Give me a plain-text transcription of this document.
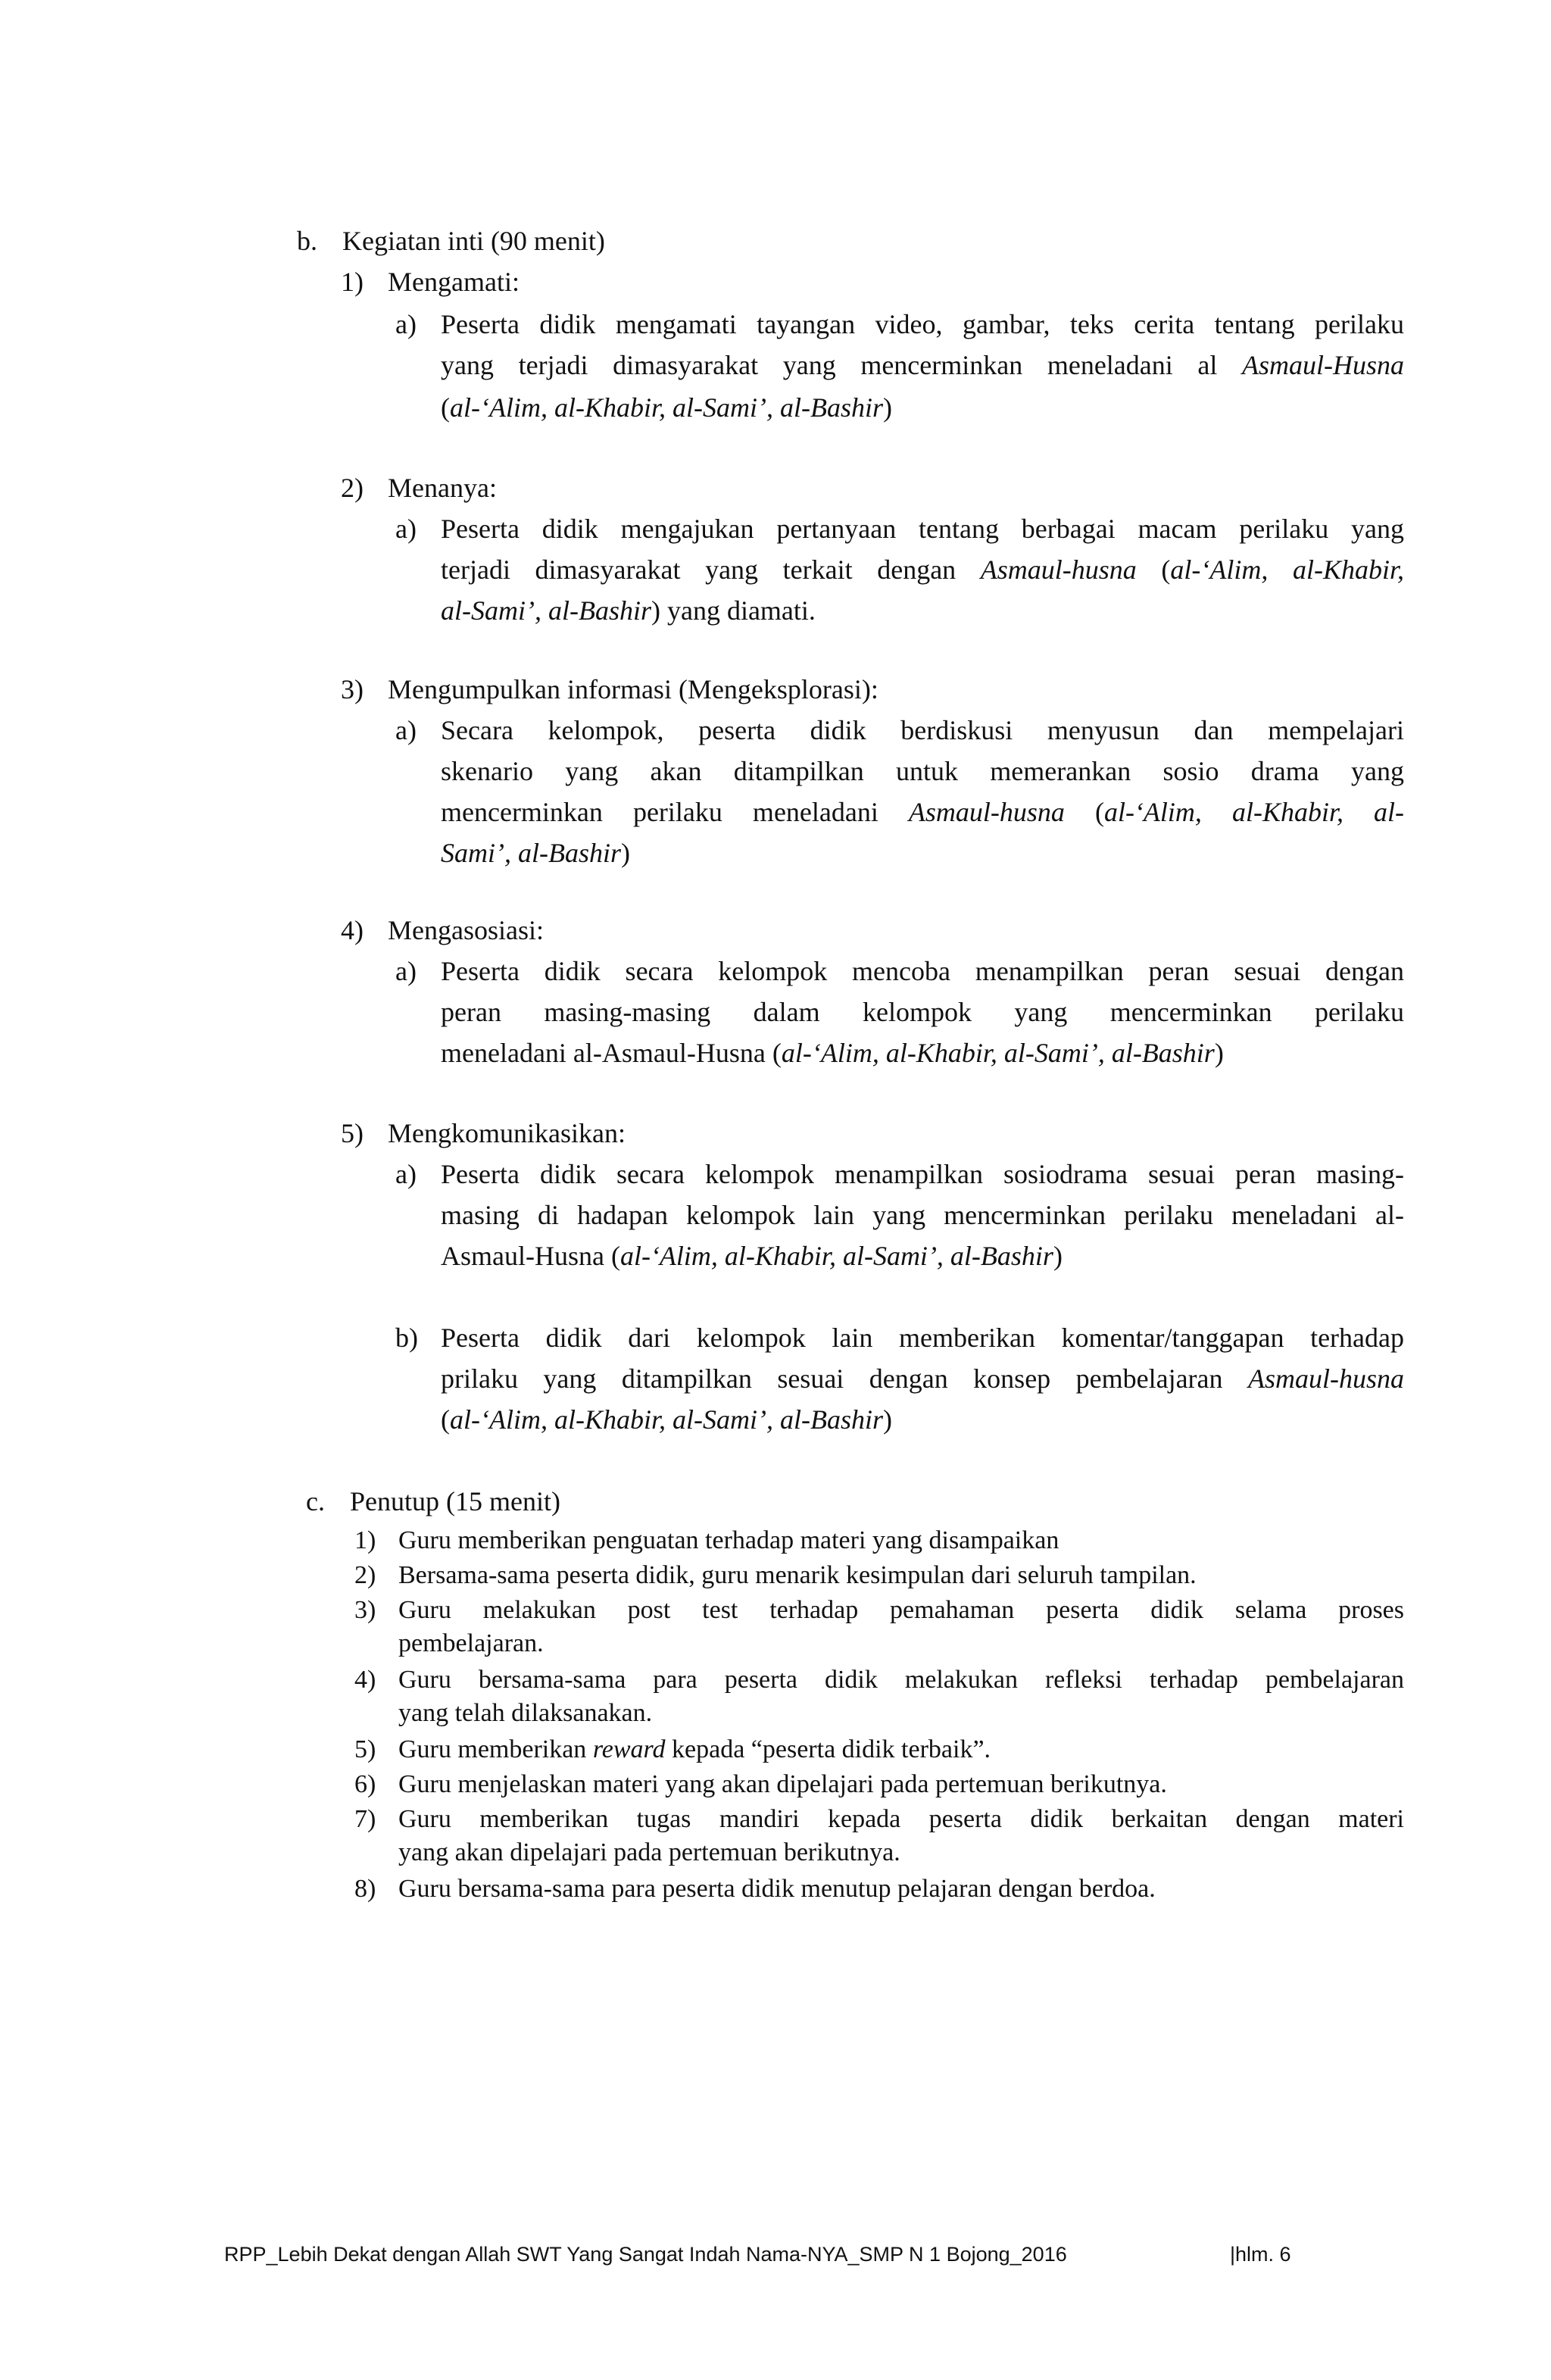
b. Kegiatan inti (90 menit)
1) Mengamati:
a) Peserta didik mengamati tayangan video, gambar, teks cerita tentang perilaku
yang terjadi dimasyarakat yang mencerminkan meneladani al Asmaul-Husna
(al-‘Alim, al-Khabir, al-Sami’, al-Bashir)
2) Menanya:
a) Peserta didik mengajukan pertanyaan tentang berbagai macam perilaku yang
terjadi dimasyarakat yang terkait dengan Asmaul-husna (al-‘Alim, al-Khabir,
al-Sami’, al-Bashir) yang diamati.
3) Mengumpulkan informasi (Mengeksplorasi):
a) Secara kelompok, peserta didik berdiskusi menyusun dan mempelajari
skenario yang akan ditampilkan untuk memerankan sosio drama yang
mencerminkan perilaku meneladani Asmaul-husna (al-‘Alim, al-Khabir, al-
Sami’, al-Bashir)
4) Mengasosiasi:
a) Peserta didik secara kelompok mencoba menampilkan peran sesuai dengan
peran masing-masing dalam kelompok yang mencerminkan perilaku
meneladani al-Asmaul-Husna (al-‘Alim, al-Khabir, al-Sami’, al-Bashir)
5) Mengkomunikasikan:
a) Peserta didik secara kelompok menampilkan sosiodrama sesuai peran masing-
masing di hadapan kelompok lain yang mencerminkan perilaku meneladani al-
Asmaul-Husna (al-‘Alim, al-Khabir, al-Sami’, al-Bashir)
b) Peserta didik dari kelompok lain memberikan komentar/tanggapan terhadap
prilaku yang ditampilkan sesuai dengan konsep pembelajaran Asmaul-husna
(al-‘Alim, al-Khabir, al-Sami’, al-Bashir)
c. Penutup (15 menit)
1) Guru memberikan penguatan terhadap materi yang disampaikan
2) Bersama-sama peserta didik, guru menarik kesimpulan dari seluruh tampilan.
3) Guru melakukan post test terhadap pemahaman peserta didik selama proses
pembelajaran.
4) Guru bersama-sama para peserta didik melakukan refleksi terhadap pembelajaran
yang telah dilaksanakan.
5) Guru memberikan reward kepada “peserta didik terbaik”.
6) Guru menjelaskan materi yang akan dipelajari pada pertemuan berikutnya.
7) Guru memberikan tugas mandiri kepada peserta didik berkaitan dengan materi
yang akan dipelajari pada pertemuan berikutnya.
8) Guru bersama-sama para peserta didik menutup pelajaran dengan berdoa.
RPP_Lebih Dekat dengan Allah SWT Yang Sangat Indah Nama-NYA_SMP N 1 Bojong_2016	|hlm. 6
